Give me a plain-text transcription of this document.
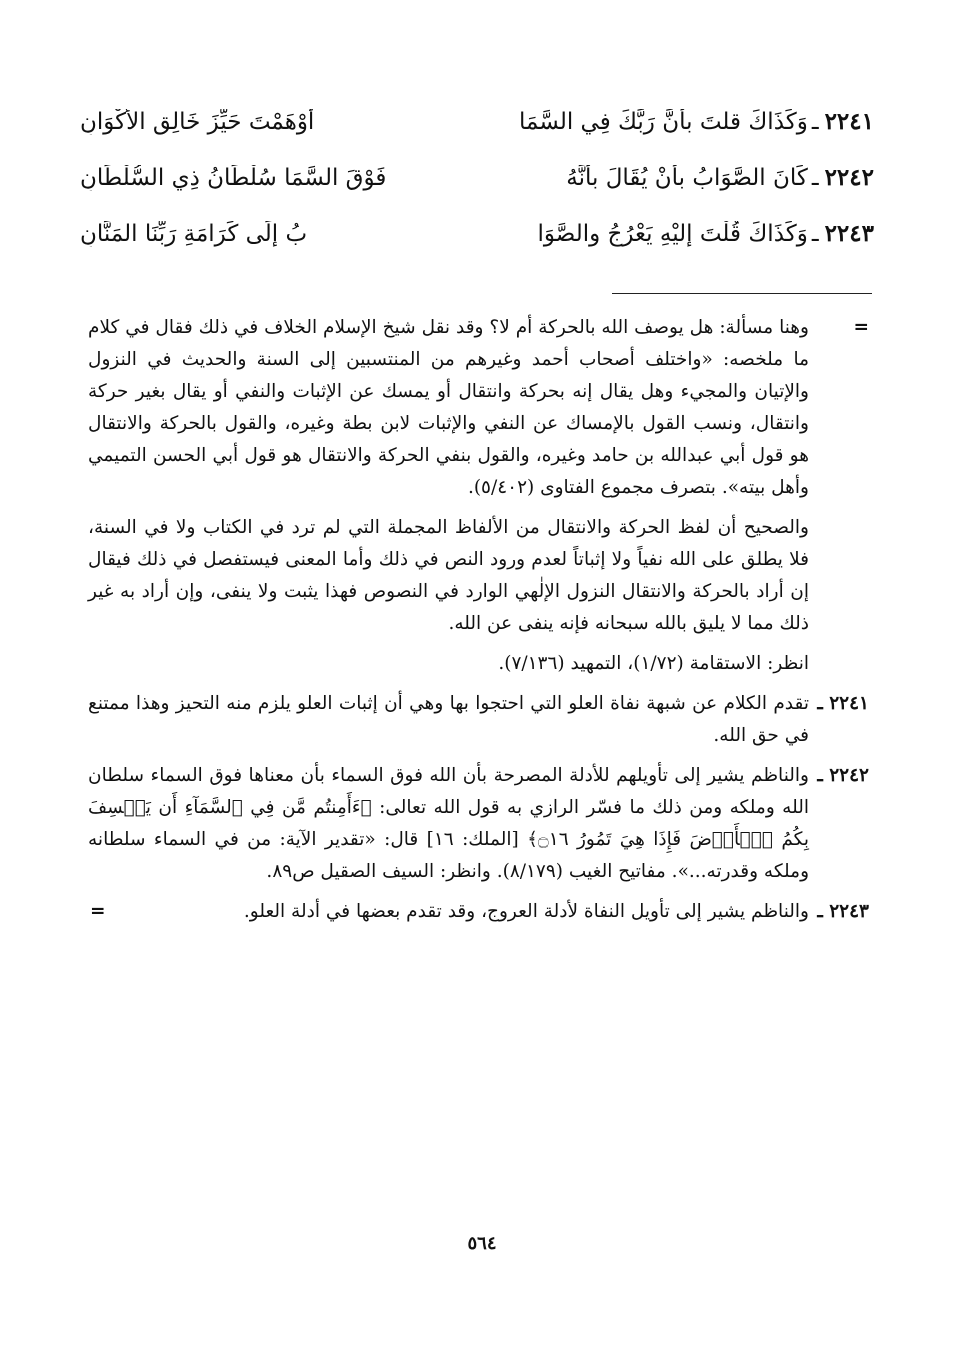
٢٢٤١
ـ
وَكَذَاكَ قلتَ بأنَّ رَبَّكَ فِي السَّمَا
أوْهَمْتَ حَيِّزَ خَالِقِ الأكْوَانِ
٢٢٤٢
ـ
كَانَ الصَّوَابُ بأنْ يُقَالَ بأنَّهُ
فَوْقَ السَّمَا سُلْطَانُ ذِي السُّلْطَانِ
٢٢٤٣
ـ
وَكَذَاكَ قُلْتَ إليْهِ يَعْرُجُ والصَّوَا
بُ إلَى كَرَامَةِ رَبِّنَا المَنَّانِ
=

وهنا مسألة: هل يوصف الله بالحركة أم لا؟ وقد نقل شيخ الإسلام الخلاف في ذلك فقال في كلام ما ملخصه: «واختلف أصحاب أحمد وغيرهم من المنتسبين إلى السنة والحديث في النزول والإتيان والمجيء وهل يقال إنه بحركة وانتقال أو يمسك عن الإثبات والنفي أو يقال بغير حركة وانتقال، ونسب القول بالإمساك عن النفي والإثبات لابن بطة وغيره، والقول بالحركة والانتقال هو قول أبي عبدالله بن حامد وغيره، والقول بنفي الحركة والانتقال هو قول أبي الحسن التميمي وأهل بيته». بتصرف مجموع الفتاوى (٥/٤٠٢).

والصحيح أن لفظ الحركة والانتقال من الألفاظ المجملة التي لم ترد في الكتاب ولا في السنة، فلا يطلق على الله نفياً ولا إثباتاً لعدم ورود النص في ذلك وأما المعنى فيستفصل في ذلك فيقال إن أراد بالحركة والانتقال النزول الإلٰهي الوارد في النصوص فهذا يثبت ولا ينفى، وإن أراد به غير ذلك مما لا يليق بالله سبحانه فإنه ينفى عن الله.

انظر: الاستقامة (١/٧٢)، التمهيد (٧/١٣٦).

٢٢٤١ ـ

تقدم الكلام عن شبهة نفاة العلو التي احتجوا بها وهي أن إثبات العلو يلزم منه التحيز وهذا ممتنع في حق الله.

٢٢٤٢ ـ

والناظم يشير إلى تأويلهم للأدلة المصرحة بأن الله فوق السماء بأن معناها فوق السماء سلطان الله وملكه ومن ذلك ما فسّر الرازي به قول الله تعالى: ﴿ءَأَمِنتُم مَّن فِي ٱلسَّمَآءِ أَن يَخۡسِفَ بِكُمُ ٱلۡأَرۡضَ فَإِذَا هِيَ تَمُورُ ۝١٦﴾ [الملك: ١٦] قال: «تقدير الآية: من في السماء سلطانه وملكه وقدرته...». مفاتيح الغيب (٨/١٧٩). وانظر: السيف الصقيل ص٨٩.

٢٢٤٣ ـ

والناظم يشير إلى تأويل النفاة لأدلة العروج، وقد تقدم بعضها في أدلة العلو.

=
٥٦٤
